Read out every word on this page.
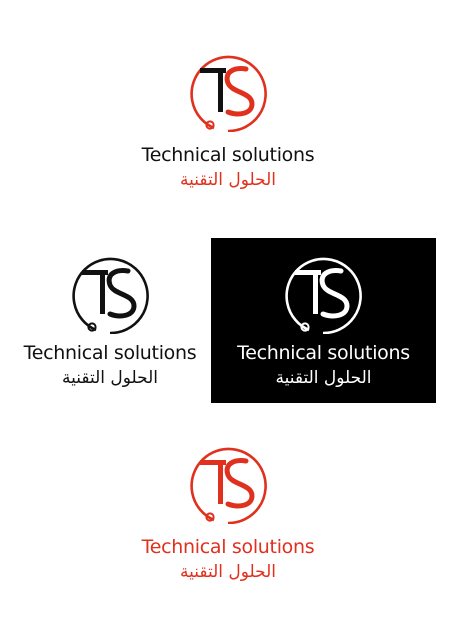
Technical solutions
الحلول التقنية
Technical solutions
الحلول التقنية
Technical solutions
الحلول التقنية
Technical solutions
الحلول التقنية
